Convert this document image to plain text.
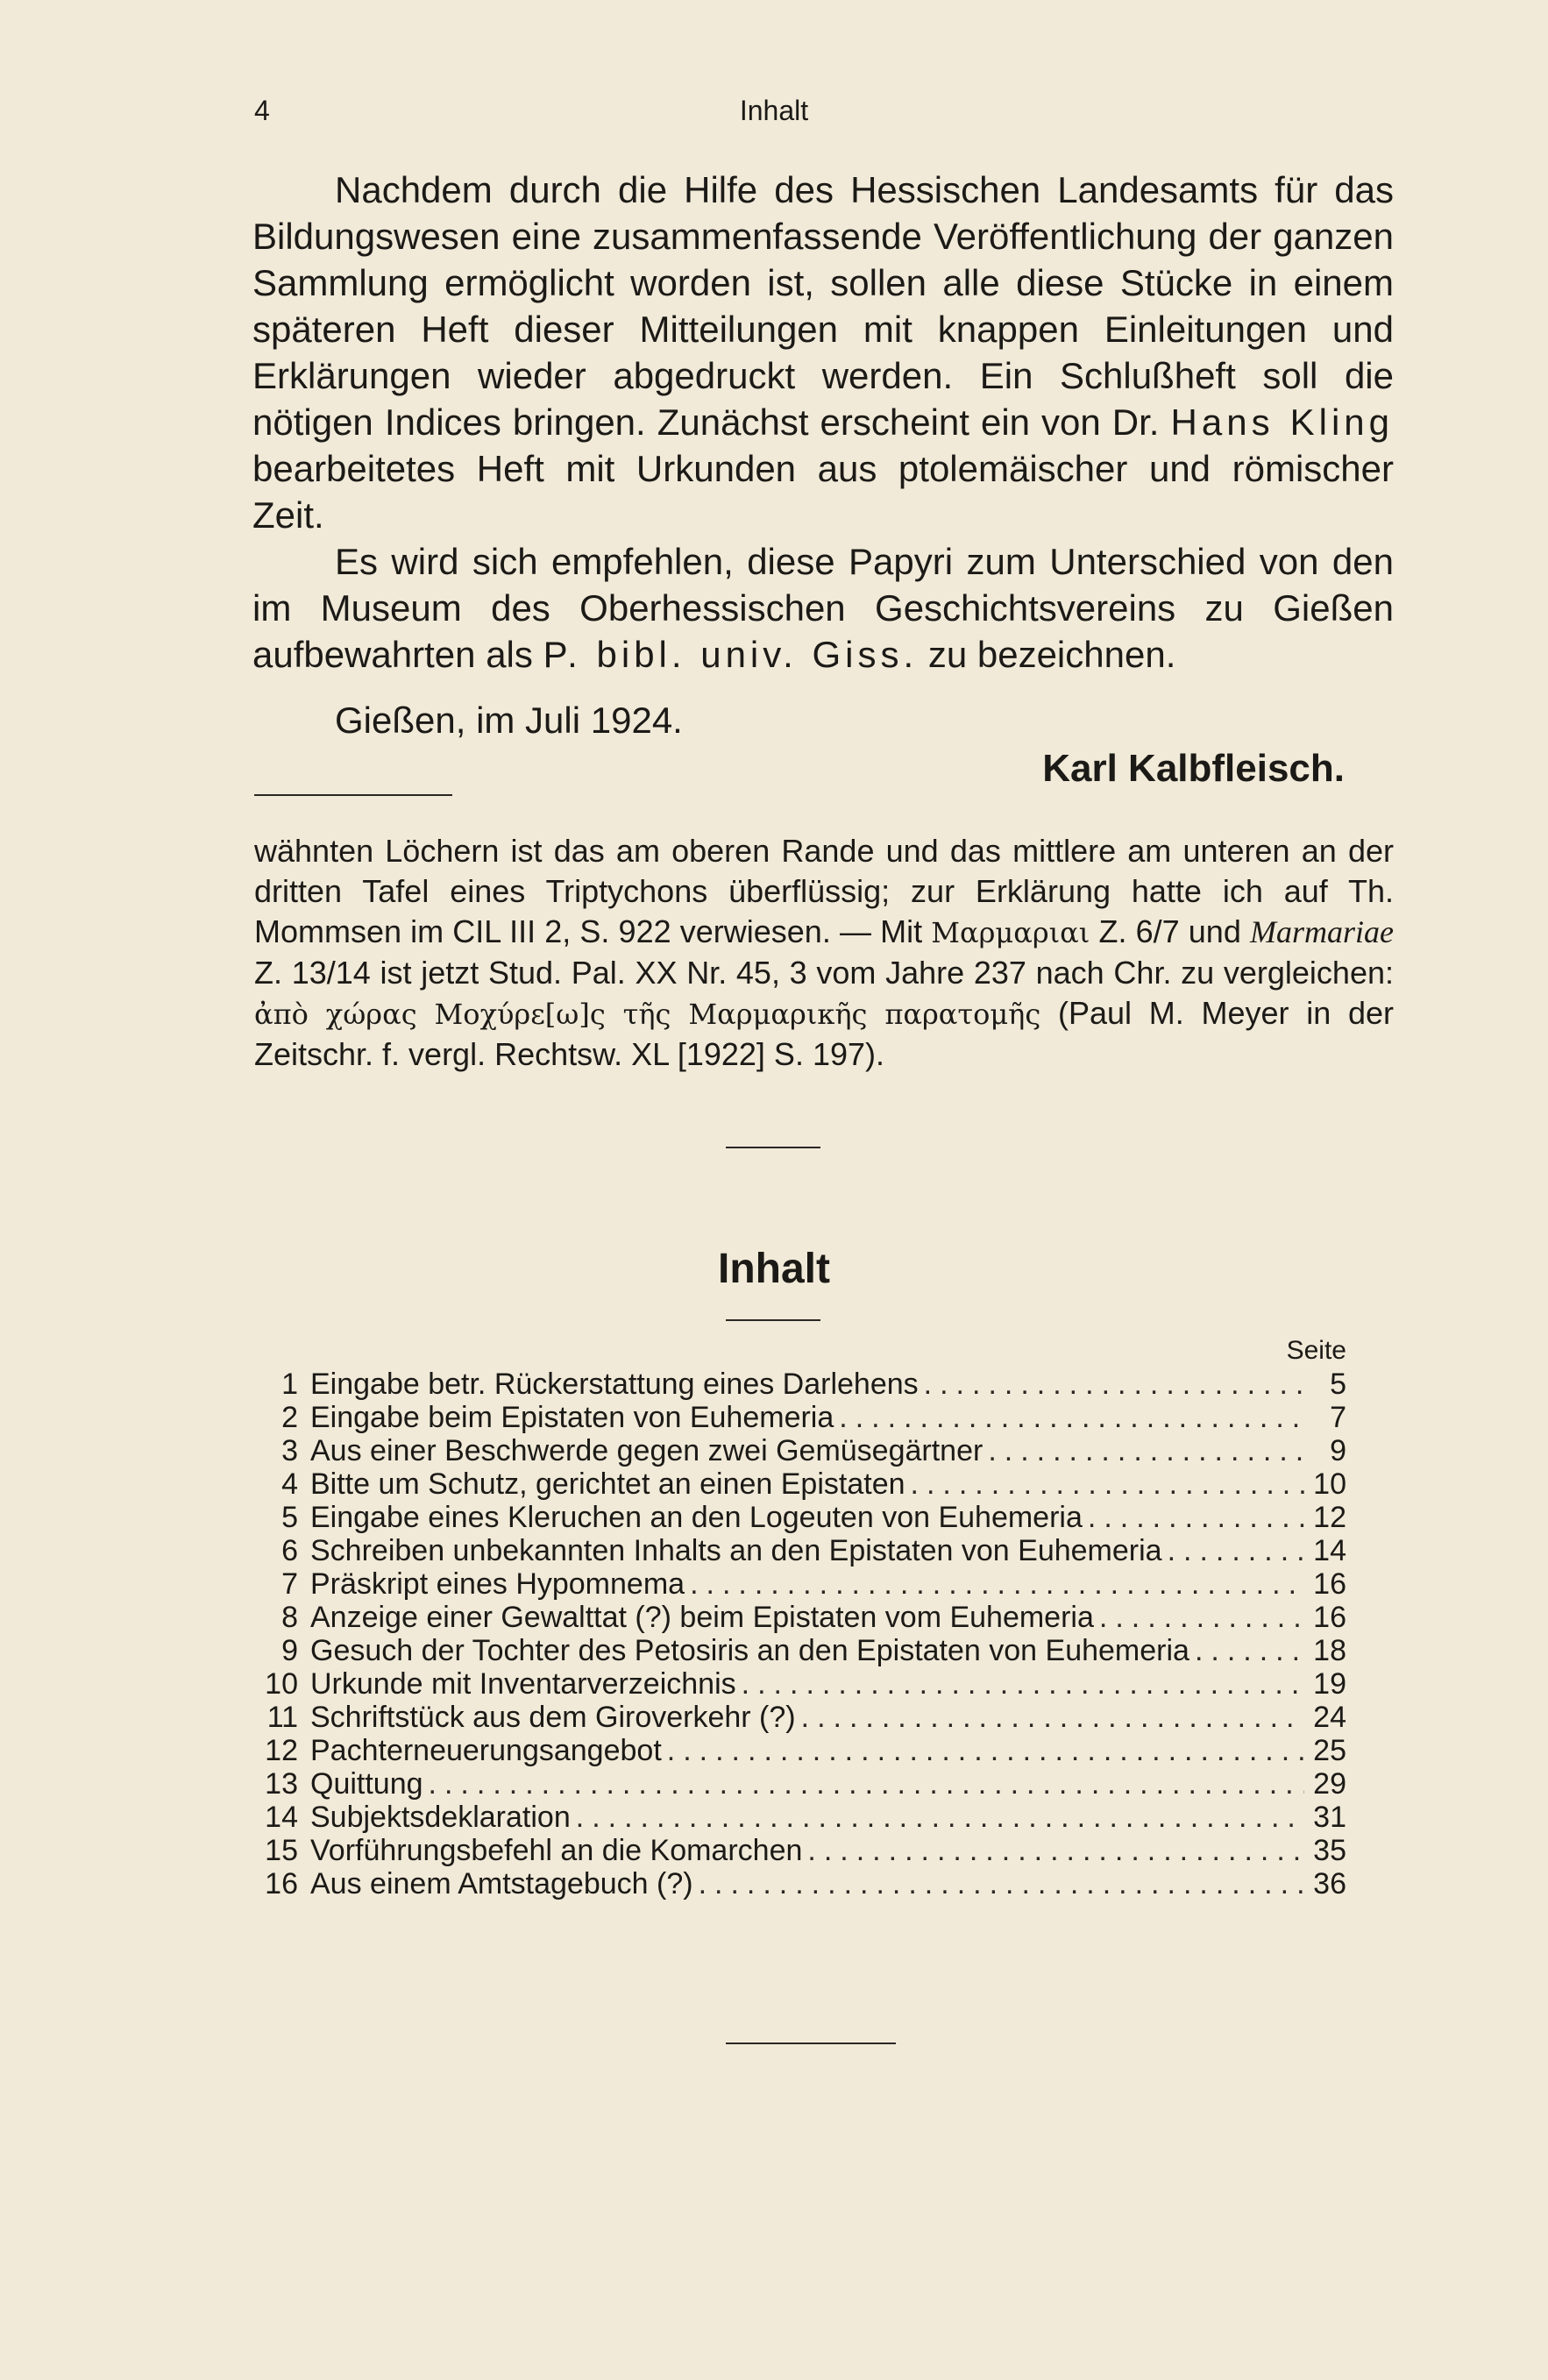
4	Inhalt

Nachdem durch die Hilfe des Hessischen Landesamts für das Bildungswesen eine zusammenfassende Veröffentlichung der ganzen Sammlung ermöglicht worden ist, sollen alle diese Stücke in einem späteren Heft dieser Mitteilungen mit knappen Einleitungen und Erklärungen wieder abgedruckt werden. Ein Schlußheft soll die nötigen Indices bringen. Zunächst erscheint ein von Dr. Hans Kling bearbeitetes Heft mit Urkunden aus ptolemäischer und römischer Zeit.

Es wird sich empfehlen, diese Papyri zum Unterschied von den im Museum des Oberhessischen Geschichtsvereins zu Gießen aufbewahrten als P. bibl. univ. Giss. zu bezeichnen.

Gießen, im Juli 1924.
Karl Kalbfleisch.

wähnten Löchern ist das am oberen Rande und das mittlere am unteren an der dritten Tafel eines Triptychons überflüssig; zur Erklärung hatte ich auf Th. Mommsen im CIL III 2, S. 922 verwiesen. — Mit Μαρμαριαι Z. 6/7 und Marmariae Z. 13/14 ist jetzt Stud. Pal. XX Nr. 45, 3 vom Jahre 237 nach Chr. zu vergleichen: ἀπὸ χώρας Μοχύρε[ω]ς τῆς Μαρμαρικῆς παρατομῆς (Paul M. Meyer in der Zeitschr. f. vergl. Rechtsw. XL [1922] S. 197).

Inhalt
Seite
1 Eingabe betr. Rückerstattung eines Darlehens .....	5
2 Eingabe beim Epistaten von Euhemeria .....	7
3 Aus einer Beschwerde gegen zwei Gemüsegärtner .....	9
4 Bitte um Schutz, gerichtet an einen Epistaten .....	10
5 Eingabe eines Kleruchen an den Logeuten von Euhemeria .....	12
6 Schreiben unbekannten Inhalts an den Epistaten von Euhemeria .....	14
7 Präskript eines Hypomnema .....	16
8 Anzeige einer Gewalttat (?) beim Epistaten vom Euhemeria .....	16
9 Gesuch der Tochter des Petosiris an den Epistaten von Euhemeria .....	18
10 Urkunde mit Inventarverzeichnis .....	19
11 Schriftstück aus dem Giroverkehr (?) .....	24
12 Pachterneuerungsangebot .....	25
13 Quittung .....	29
14 Subjektsdeklaration .....	31
15 Vorführungsbefehl an die Komarchen .....	35
16 Aus einem Amtstagebuch (?) .....	36
